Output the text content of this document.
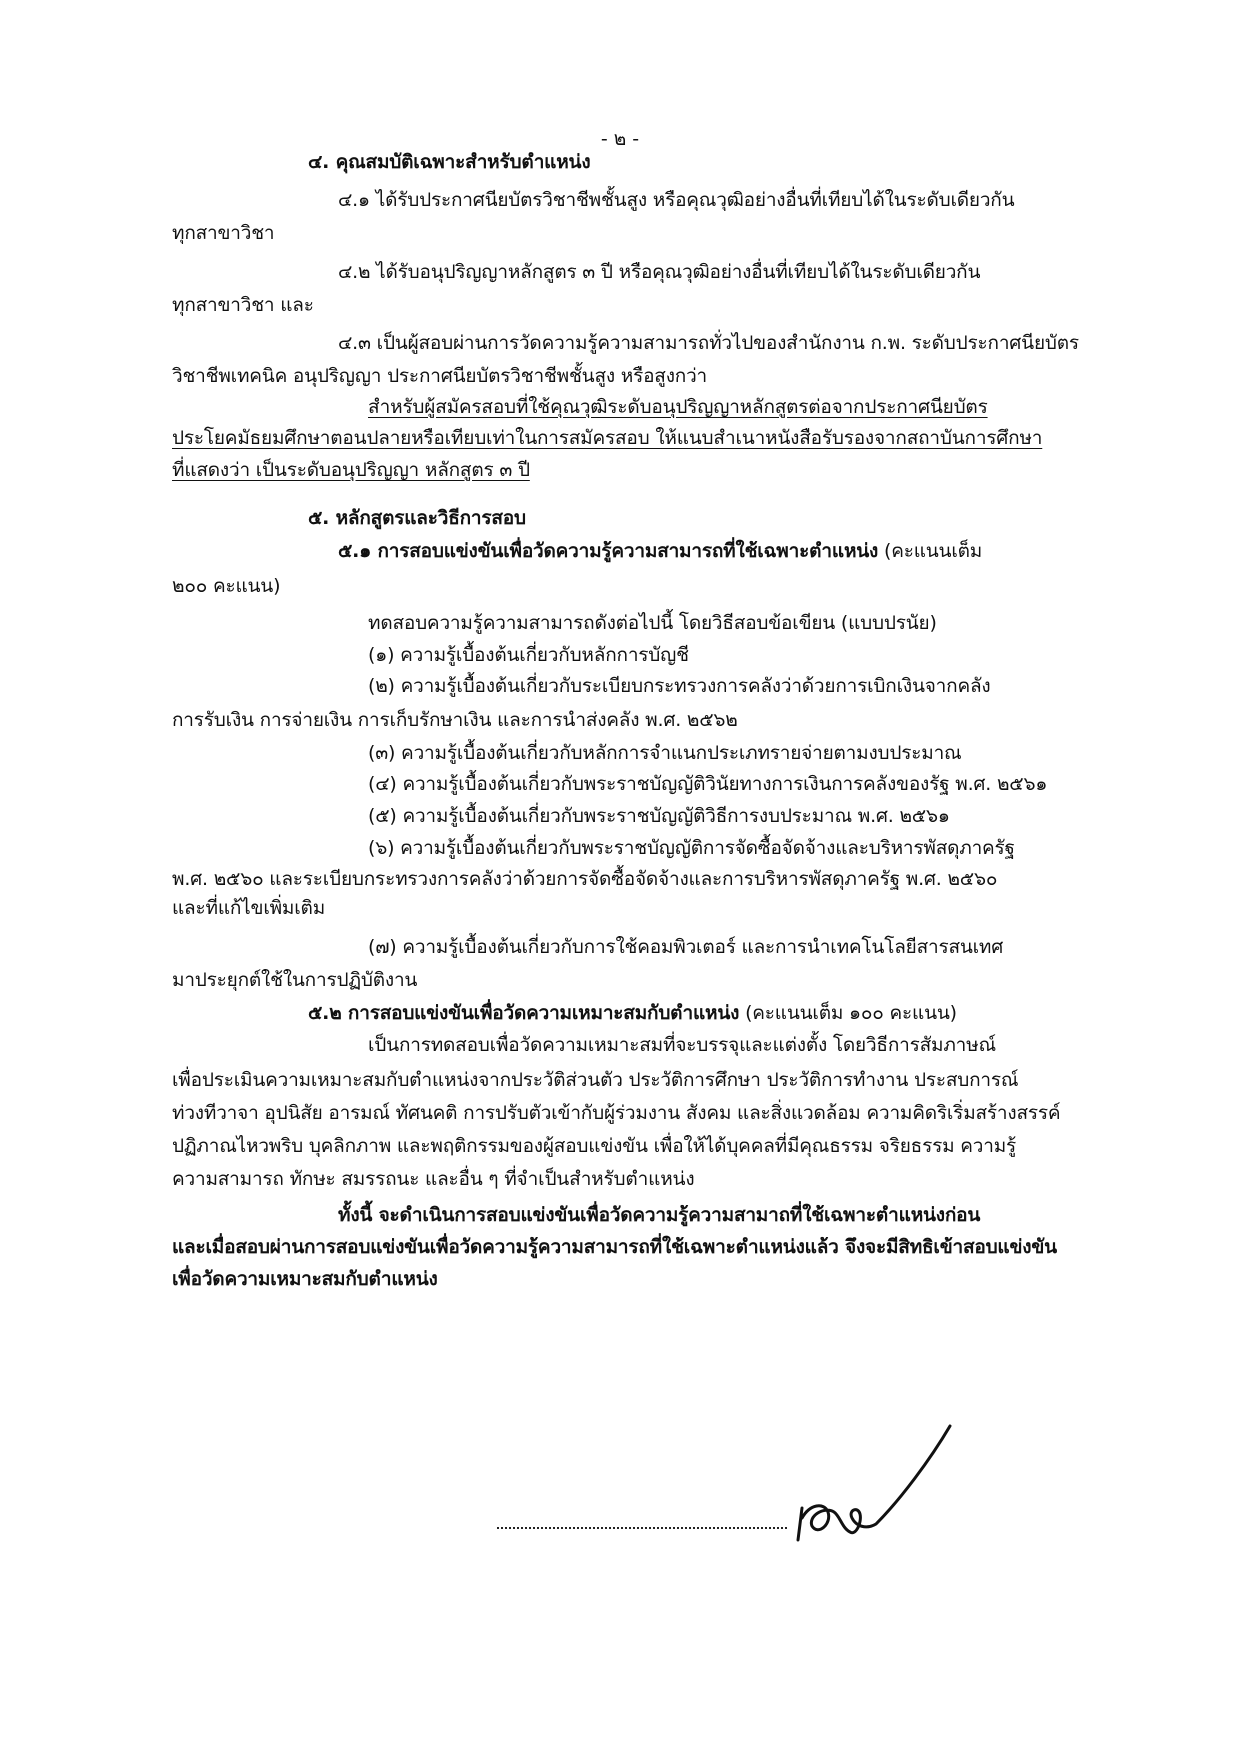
- ๒ -
๔. คุณสมบัติเฉพาะสำหรับตำแหน่ง
๔.๑ ได้รับประกาศนียบัตรวิชาชีพชั้นสูง หรือคุณวุฒิอย่างอื่นที่เทียบได้ในระดับเดียวกัน
ทุกสาขาวิชา
๔.๒ ได้รับอนุปริญญาหลักสูตร ๓ ปี หรือคุณวุฒิอย่างอื่นที่เทียบได้ในระดับเดียวกัน
ทุกสาขาวิชา และ
๔.๓ เป็นผู้สอบผ่านการวัดความรู้ความสามารถทั่วไปของสำนักงาน ก.พ. ระดับประกาศนียบัตร
วิชาชีพเทคนิค อนุปริญญา ประกาศนียบัตรวิชาชีพชั้นสูง หรือสูงกว่า
สำหรับผู้สมัครสอบที่ใช้คุณวุฒิระดับอนุปริญญาหลักสูตรต่อจากประกาศนียบัตร
ประโยคมัธยมศึกษาตอนปลายหรือเทียบเท่าในการสมัครสอบ ให้แนบสำเนาหนังสือรับรองจากสถาบันการศึกษา
ที่แสดงว่า เป็นระดับอนุปริญญา หลักสูตร ๓ ปี
๕. หลักสูตรและวิธีการสอบ
๕.๑ การสอบแข่งขันเพื่อวัดความรู้ความสามารถที่ใช้เฉพาะตำแหน่ง (คะแนนเต็ม
๒๐๐ คะแนน)
ทดสอบความรู้ความสามารถดังต่อไปนี้ โดยวิธีสอบข้อเขียน (แบบปรนัย)
(๑) ความรู้เบื้องต้นเกี่ยวกับหลักการบัญชี
(๒) ความรู้เบื้องต้นเกี่ยวกับระเบียบกระทรวงการคลังว่าด้วยการเบิกเงินจากคลัง
การรับเงิน การจ่ายเงิน การเก็บรักษาเงิน และการนำส่งคลัง พ.ศ. ๒๕๖๒
(๓) ความรู้เบื้องต้นเกี่ยวกับหลักการจำแนกประเภทรายจ่ายตามงบประมาณ
(๔) ความรู้เบื้องต้นเกี่ยวกับพระราชบัญญัติวินัยทางการเงินการคลังของรัฐ พ.ศ. ๒๕๖๑
(๕) ความรู้เบื้องต้นเกี่ยวกับพระราชบัญญัติวิธีการงบประมาณ พ.ศ. ๒๕๖๑
(๖) ความรู้เบื้องต้นเกี่ยวกับพระราชบัญญัติการจัดซื้อจัดจ้างและบริหารพัสดุภาครัฐ
พ.ศ. ๒๕๖๐ และระเบียบกระทรวงการคลังว่าด้วยการจัดซื้อจัดจ้างและการบริหารพัสดุภาครัฐ พ.ศ. ๒๕๖๐
และที่แก้ไขเพิ่มเติม
(๗) ความรู้เบื้องต้นเกี่ยวกับการใช้คอมพิวเตอร์ และการนำเทคโนโลยีสารสนเทศ
มาประยุกต์ใช้ในการปฏิบัติงาน
๕.๒ การสอบแข่งขันเพื่อวัดความเหมาะสมกับตำแหน่ง (คะแนนเต็ม ๑๐๐ คะแนน)
เป็นการทดสอบเพื่อวัดความเหมาะสมที่จะบรรจุและแต่งตั้ง โดยวิธีการสัมภาษณ์
เพื่อประเมินความเหมาะสมกับตำแหน่งจากประวัติส่วนตัว ประวัติการศึกษา ประวัติการทำงาน ประสบการณ์
ท่วงทีวาจา อุปนิสัย อารมณ์ ทัศนคติ การปรับตัวเข้ากับผู้ร่วมงาน สังคม และสิ่งแวดล้อม ความคิดริเริ่มสร้างสรรค์
ปฏิภาณไหวพริบ บุคลิกภาพ และพฤติกรรมของผู้สอบแข่งขัน เพื่อให้ได้บุคคลที่มีคุณธรรม จริยธรรม ความรู้
ความสามารถ ทักษะ สมรรถนะ และอื่น ๆ ที่จำเป็นสำหรับตำแหน่ง
ทั้งนี้ จะดำเนินการสอบแข่งขันเพื่อวัดความรู้ความสามาถที่ใช้เฉพาะตำแหน่งก่อน
และเมื่อสอบผ่านการสอบแข่งขันเพื่อวัดความรู้ความสามารถที่ใช้เฉพาะตำแหน่งแล้ว จึงจะมีสิทธิเข้าสอบแข่งขัน
เพื่อวัดความเหมาะสมกับตำแหน่ง
